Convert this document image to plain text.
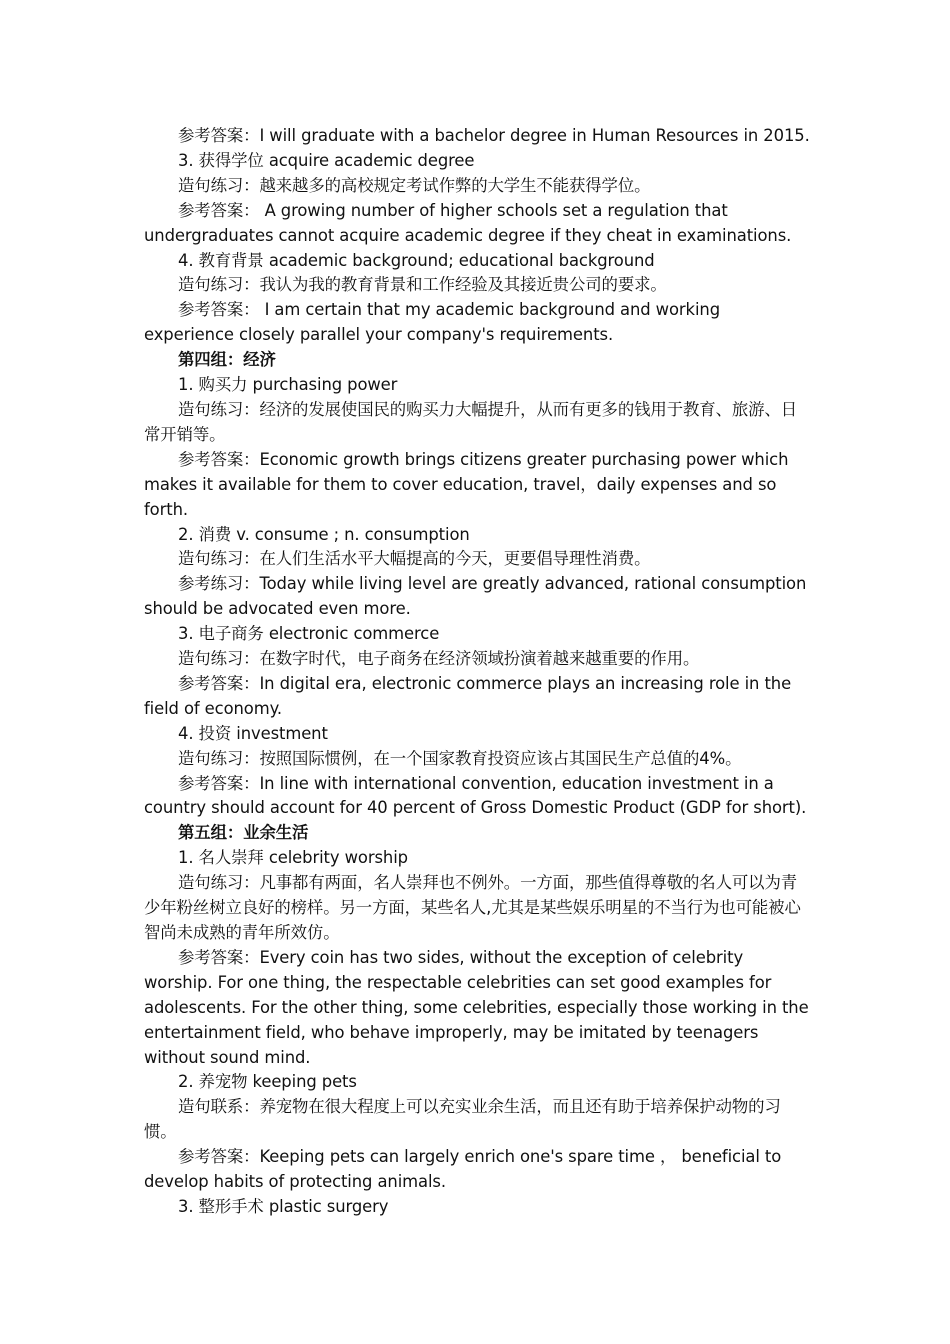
参考答案：I will graduate with a bachelor degree in Human Resources in 2015.

3. 获得学位 acquire academic degree

造句练习：越来越多的高校规定考试作弊的大学生不能获得学位。

参考答案： A growing number of higher schools set a regulation that undergraduates cannot acquire academic degree if they cheat in examinations.

4. 教育背景 academic background; educational background

造句练习：我认为我的教育背景和工作经验及其接近贵公司的要求。

参考答案： I am certain that my academic background and working experience closely parallel your company's requirements.

第四组：经济

1. 购买力 purchasing power

造句练习：经济的发展使国民的购买力大幅提升，从而有更多的钱用于教育、旅游、日常开销等。

参考答案：Economic growth brings citizens greater purchasing power which makes it available for them to cover education, travel，daily expenses and so forth.

2. 消费 v. consume ; n. consumption

造句练习：在人们生活水平大幅提高的今天，更要倡导理性消费。

参考练习：Today while living level are greatly advanced, rational consumption should be advocated even more.

3. 电子商务 electronic commerce

造句练习：在数字时代，电子商务在经济领域扮演着越来越重要的作用。

参考答案：In digital era, electronic commerce plays an increasing role in the field of economy.

4. 投资 investment

造句练习：按照国际惯例，在一个国家教育投资应该占其国民生产总值的4%。

参考答案：In line with international convention, education investment in a country should account for 40 percent of Gross Domestic Product (GDP for short).

第五组：业余生活

1. 名人崇拜 celebrity worship

造句练习：凡事都有两面，名人崇拜也不例外。一方面，那些值得尊敬的名人可以为青少年粉丝树立良好的榜样。另一方面，某些名人,尤其是某些娱乐明星的不当行为也可能被心智尚未成熟的青年所效仿。

参考答案：Every coin has two sides, without the exception of celebrity worship. For one thing, the respectable celebrities can set good examples for adolescents. For the other thing, some celebrities, especially those working in the entertainment field, who behave improperly, may be imitated by teenagers without sound mind.

2. 养宠物 keeping pets

造句联系：养宠物在很大程度上可以充实业余生活，而且还有助于培养保护动物的习惯。

参考答案：Keeping pets can largely enrich one's spare time ， beneficial to develop habits of protecting animals.

3. 整形手术 plastic surgery
